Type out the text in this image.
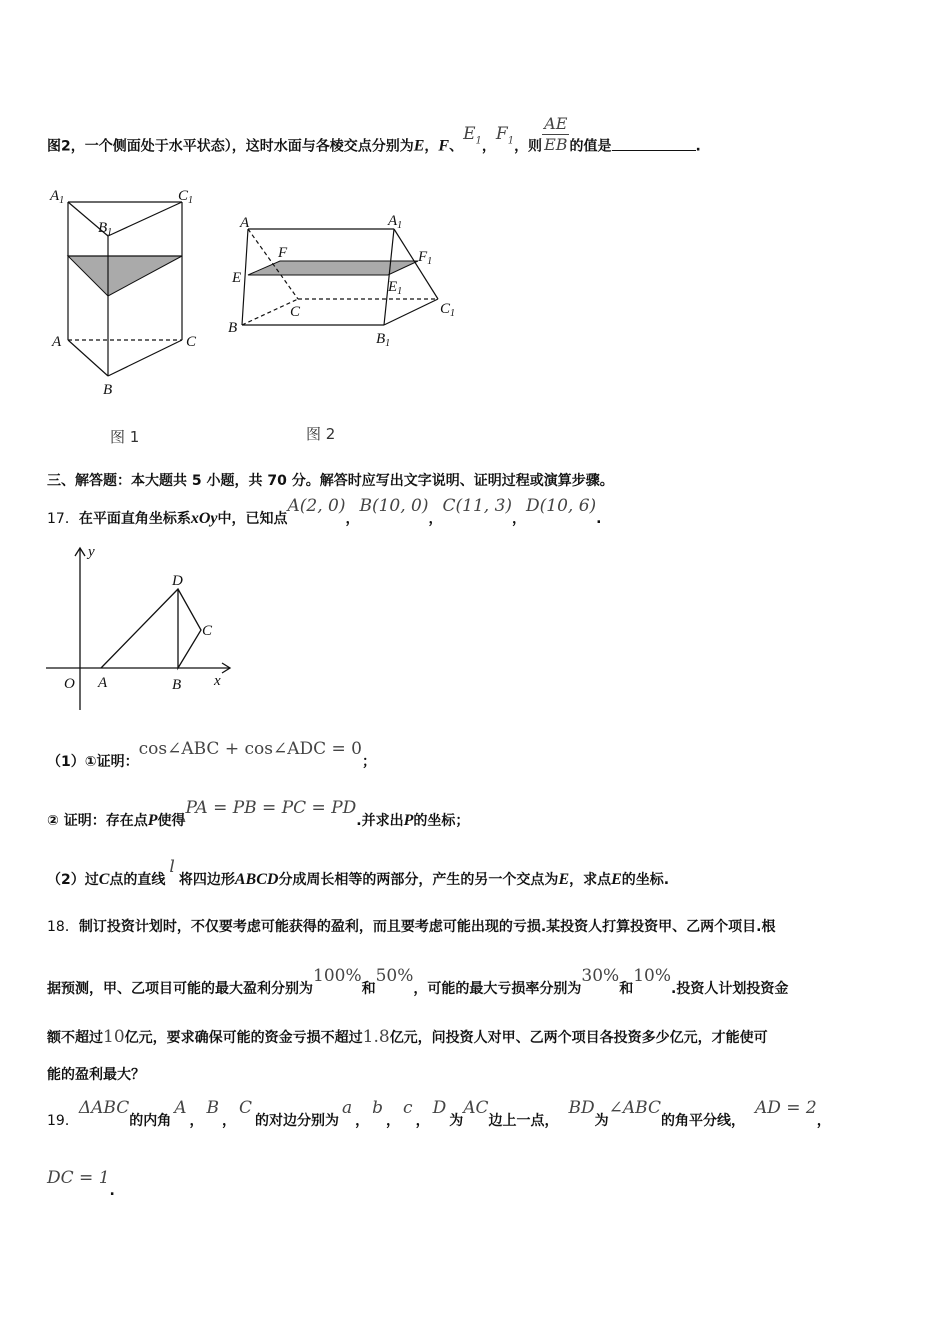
图2，一个侧面处于水平状态），这时水面与各棱交点分别为E，F、$E_1$，$F_1$，则 $\frac{AE}{EB}$ 的值是	.
$A_1$	$C_1$
$B_1$
A	C
B
图 1
A	$A_1$
F	$F_1$
E
$E_1$
C	$C_1$
B
$B_1$
图 2
三、解答题：本大题共 5 小题，共 70 分。解答时应写出文字说明、证明过程或演算步骤。
17．在平面直角坐标系xOy中，已知点A(2, 0)，B(10, 0)，C(11, 3)，D(10, 6).
y
x
O A	B
C
D
（1）①证明：cos∠ABC + cos∠ADC = 0；
② 证明：存在点P使得PA = PB = PC = PD.并求出P的坐标；
（2）过C点的直线l将四边形ABCD分成周长相等的两部分，产生的另一个交点为E，求点E的坐标.
18．制订投资计划时，不仅要考虑可能获得的盈利，而且要考虑可能出现的亏损.某投资人打算投资甲、乙两个项目.根
据预测，甲、乙项目可能的最大盈利分别为100%和50%，可能的最大亏损率分别为30%和10%.投资人计划投资金
额不超过10亿元，要求确保可能的资金亏损不超过1.8亿元，问投资人对甲、乙两个项目各投资多少亿元，才能使可
能的盈利最大？
19．ΔABC的内角A，B，C的对边分别为a，b，c，D为AC边上一点，BD为∠ABC的角平分线，AD = 2，
DC = 1.
